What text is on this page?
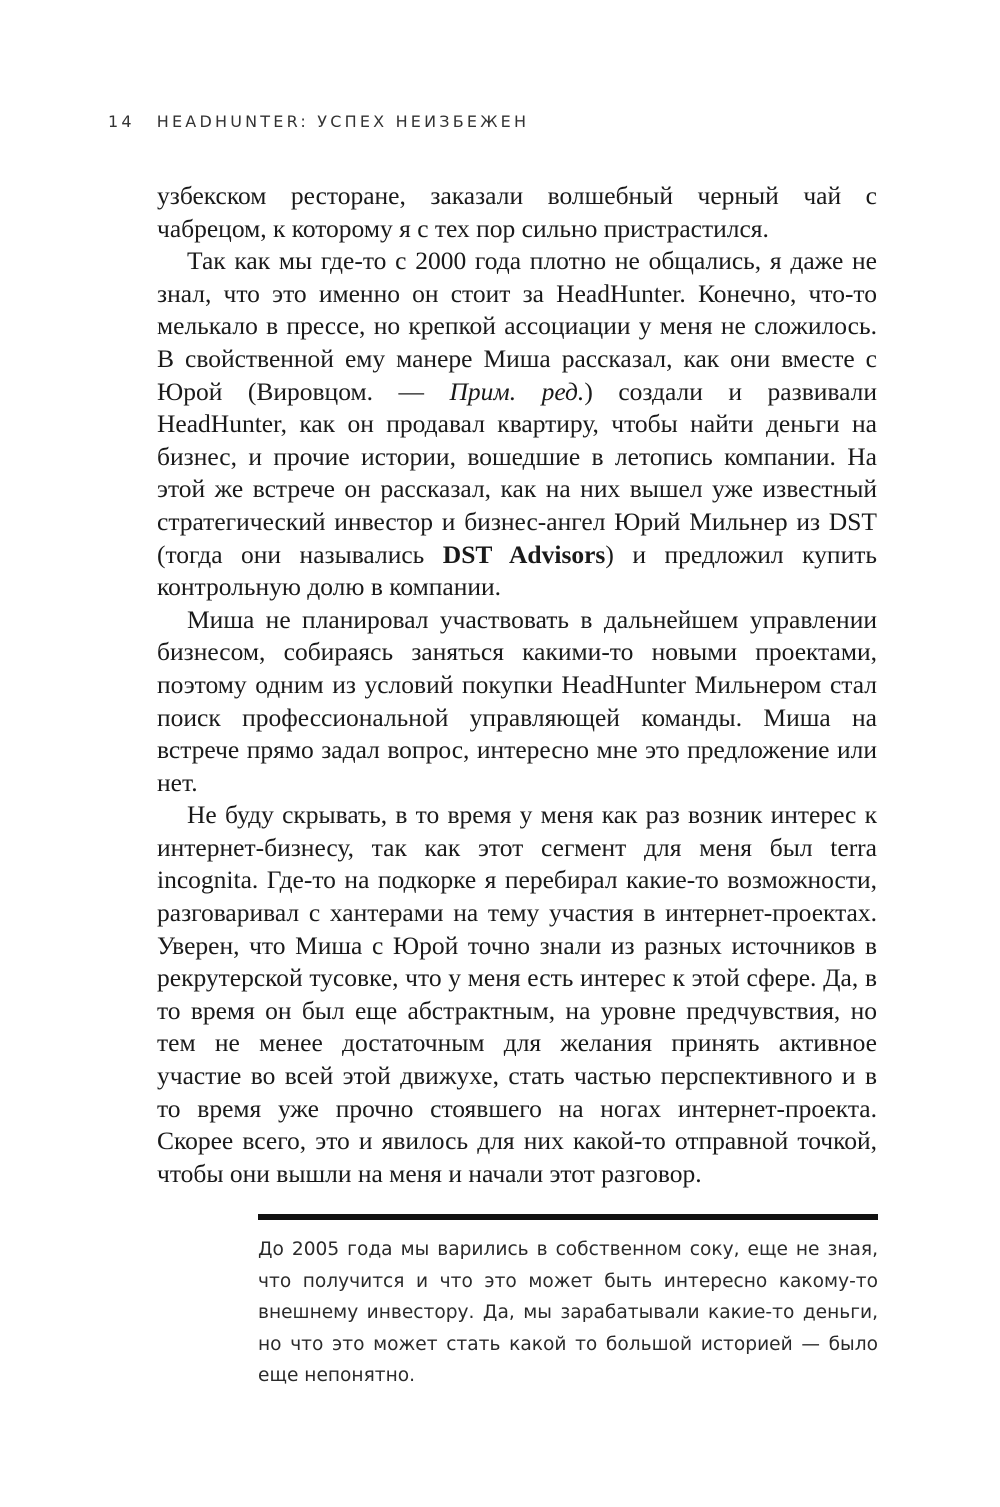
14 HEADHUNTER: УСПЕХ НЕИЗБЕЖЕН

узбекском ресторане, заказали волшебный черный чай с чабрецом, к которому я с тех пор сильно пристрастился.

Так как мы где-то с 2000 года плотно не общались, я даже не знал, что это именно он стоит за HeadHunter. Конечно, что-то мелькало в прессе, но крепкой ассоциации у меня не сложилось. В свойственной ему манере Миша рассказал, как они вместе с Юрой (Вировцом. — Прим. ред.) создали и развивали HeadHunter, как он продавал квартиру, чтобы найти деньги на бизнес, и прочие истории, вошедшие в летопись компании. На этой же встрече он рассказал, как на них вышел уже известный стратегический инвестор и бизнес-ангел Юрий Мильнер из DST (тогда они назывались DST Advisors) и предложил купить контрольную долю в компании.

Миша не планировал участвовать в дальнейшем управлении бизнесом, собираясь заняться какими-то новыми проектами, поэтому одним из условий покупки HeadHunter Мильнером стал поиск профессиональной управляющей команды. Миша на встрече прямо задал вопрос, интересно мне это предложение или нет.

Не буду скрывать, в то время у меня как раз возник интерес к интернет-бизнесу, так как этот сегмент для меня был terra incognita. Где-то на подкорке я перебирал какие-то возможности, разговаривал с хантерами на тему участия в интернет-проектах. Уверен, что Миша с Юрой точно знали из разных источников в рекрутерской тусовке, что у меня есть интерес к этой сфере. Да, в то время он был еще абстрактным, на уровне предчувствия, но тем не менее достаточным для желания принять активное участие во всей этой движухе, стать частью перспективного и в то время уже прочно стоявшего на ногах интернет-проекта. Скорее всего, это и явилось для них какой-то отправной точкой, чтобы они вышли на меня и начали этот разговор.

До 2005 года мы варились в собственном соку, еще не зная, что получится и что это может быть интересно какому-то внешнему инвестору. Да, мы зарабатывали какие-то деньги, но что это может стать какой то большой историей — было еще непонятно.
